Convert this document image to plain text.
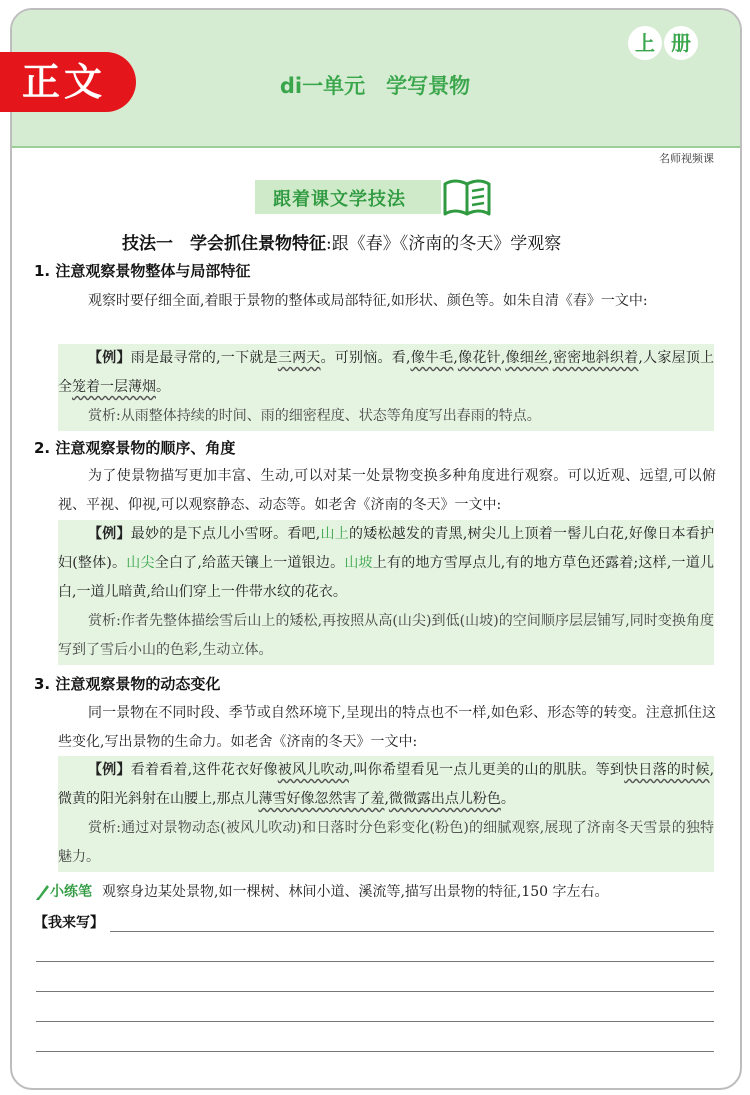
正文	di一单元　学写景物
上 册
名师视频课
跟着课文学技法
技法一　学会抓住景物特征:跟《春》《济南的冬天》学观察
1. 注意观察景物整体与局部特征
观察时要仔细全面,着眼于景物的整体或局部特征,如形状、颜色等。如朱自清《春》一文中:

【例】雨是最寻常的,一下就是三两天。可别恼。看,像牛毛,像花针,像细丝,密密地斜织着,人家屋顶上全笼着一层薄烟。

赏析:从雨整体持续的时间、雨的细密程度、状态等角度写出春雨的特点。

2. 注意观察景物的顺序、角度
为了使景物描写更加丰富、生动,可以对某一处景物变换多种角度进行观察。可以近观、远望,可以俯视、平视、仰视,可以观察静态、动态等。如老舍《济南的冬天》一文中:

【例】最妙的是下点儿小雪呀。看吧,山上的矮松越发的青黑,树尖儿上顶着一髻儿白花,好像日本看护妇(整体)。山尖全白了,给蓝天镶上一道银边。山坡上有的地方雪厚点儿,有的地方草色还露着;这样,一道儿白,一道儿暗黄,给山们穿上一件带水纹的花衣。

赏析:作者先整体描绘雪后山上的矮松,再按照从高(山尖)到低(山坡)的空间顺序层层铺写,同时变换角度写到了雪后小山的色彩,生动立体。

3. 注意观察景物的动态变化
同一景物在不同时段、季节或自然环境下,呈现出的特点也不一样,如色彩、形态等的转变。注意抓住这些变化,写出景物的生命力。如老舍《济南的冬天》一文中:

【例】看着看着,这件花衣好像被风儿吹动,叫你希望看见一点儿更美的山的肌肤。等到快日落的时候,微黄的阳光斜射在山腰上,那点儿薄雪好像忽然害了羞,微微露出点儿粉色。

赏析:通过对景物动态(被风儿吹动)和日落时分色彩变化(粉色)的细腻观察,展现了济南冬天雪景的独特魅力。

小练笔 观察身边某处景物,如一棵树、林间小道、溪流等,描写出景物的特征,150 字左右。
【我来写】
